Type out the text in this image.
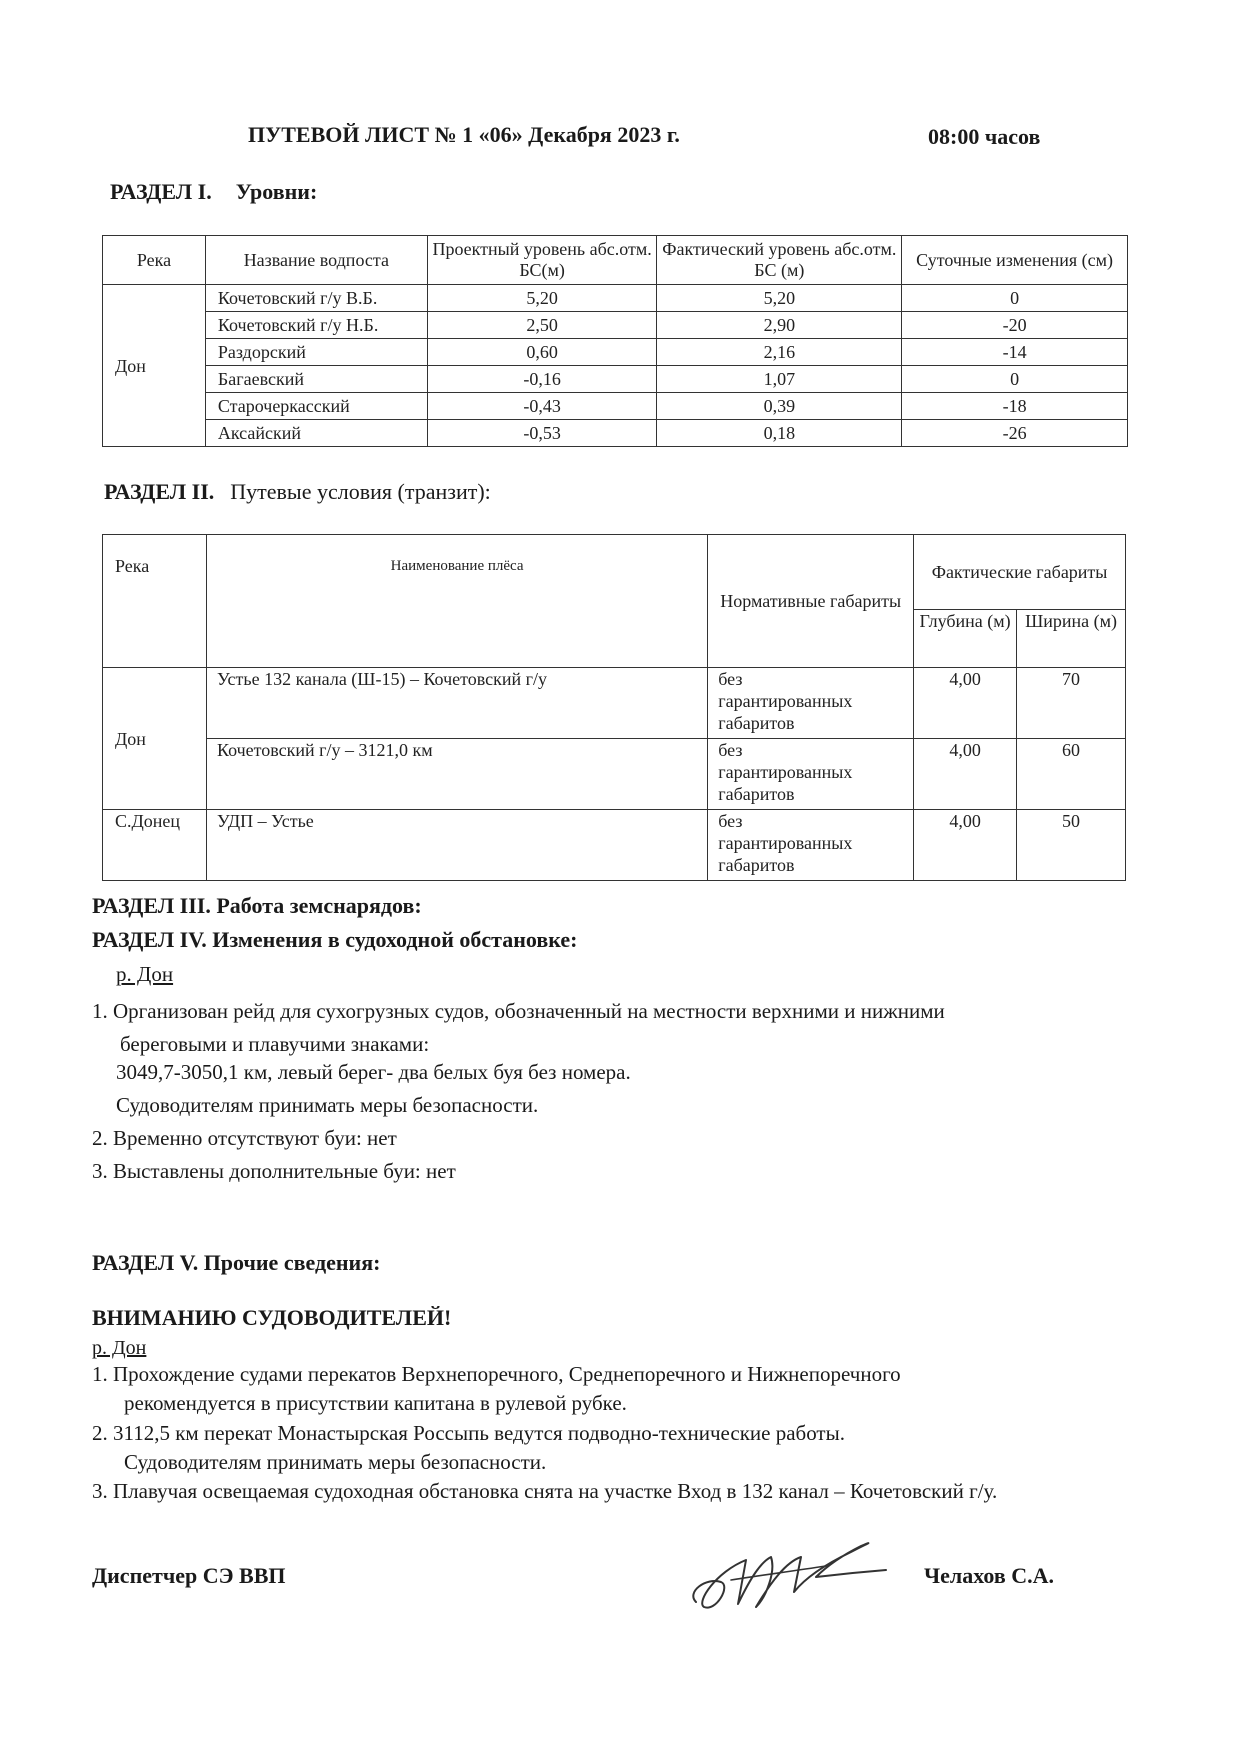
ПУТЕВОЙ ЛИСТ № 1 «06» Декабря 2023 г.	08:00 часов
РАЗДЕЛ I. Уровни:
Река	Название водпоста	Проектный уровень абс.отм. БС(м)	Фактический уровень абс.отм. БС (м)	Суточные изменения (см)
Дон	Кочетовский г/у В.Б.	5,20	5,20	0
	Кочетовский г/у Н.Б.	2,50	2,90	-20
	Раздорский	0,60	2,16	-14
	Багаевский	-0,16	1,07	0
	Старочеркасский	-0,43	0,39	-18
	Аксайский	-0,53	0,18	-26
РАЗДЕЛ II. Путевые условия (транзит):
Река	Наименование плёса	Нормативные габариты	Фактические габариты	
			Глубина (м)	Ширина (м)
Дон	Устье 132 канала (Ш-15) – Кочетовский г/у	без
гарантированных
габаритов	4,00	70
	Кочетовский г/у – 3121,0 км	без
гарантированных
габаритов	4,00	60
С.Донец	УДП – Устье	без
гарантированных
габаритов	4,00	50
РАЗДЕЛ III. Работа земснарядов:
РАЗДЕЛ IV. Изменения в судоходной обстановке:
р. Дон
1. Организован рейд для сухогрузных судов, обозначенный на местности верхними и нижними
береговыми и плавучими знаками:
3049,7-3050,1 км, левый берег- два белых буя без номера.
Судоводителям принимать меры безопасности.
2. Временно отсутствуют буи: нет
3. Выставлены дополнительные буи: нет
РАЗДЕЛ V. Прочие сведения:
ВНИМАНИЮ СУДОВОДИТЕЛЕЙ!
р. Дон
1. Прохождение судами перекатов Верхнепоречного, Среднепоречного и Нижнепоречного
рекомендуется в присутствии капитана в рулевой рубке.
2. 3112,5 км перекат Монастырская Россыпь ведутся подводно-технические работы.
Судоводителям принимать меры безопасности.
3. Плавучая освещаемая судоходная обстановка снята на участке Вход в 132 канал – Кочетовский г/у.
Диспетчер СЭ ВВП	Челахов С.А.
